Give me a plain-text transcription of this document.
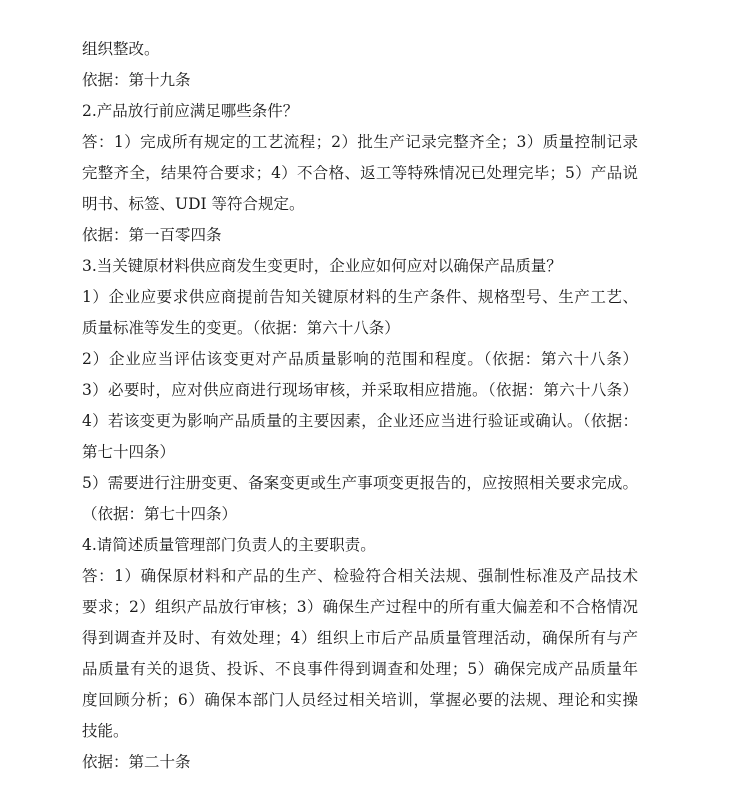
组织整改。
依据：第十九条
2.产品放行前应满足哪些条件？
答：1）完成所有规定的工艺流程；2）批生产记录完整齐全；3）质量控制记录
完整齐全，结果符合要求；4）不合格、返工等特殊情况已处理完毕；5）产品说
明书、标签、UDI 等符合规定。
依据：第一百零四条
3.当关键原材料供应商发生变更时，企业应如何应对以确保产品质量？
1）企业应要求供应商提前告知关键原材料的生产条件、规格型号、生产工艺、
质量标准等发生的变更。（依据：第六十八条）
2）企业应当评估该变更对产品质量影响的范围和程度。（依据：第六十八条）
3）必要时，应对供应商进行现场审核，并采取相应措施。（依据：第六十八条）
4）若该变更为影响产品质量的主要因素，企业还应当进行验证或确认。（依据：
第七十四条）
5）需要进行注册变更、备案变更或生产事项变更报告的，应按照相关要求完成。
（依据：第七十四条）
4.请简述质量管理部门负责人的主要职责。
答：1）确保原材料和产品的生产、检验符合相关法规、强制性标准及产品技术
要求；2）组织产品放行审核；3）确保生产过程中的所有重大偏差和不合格情况
得到调查并及时、有效处理；4）组织上市后产品质量管理活动，确保所有与产
品质量有关的退货、投诉、不良事件得到调查和处理；5）确保完成产品质量年
度回顾分析；6）确保本部门人员经过相关培训，掌握必要的法规、理论和实操
技能。
依据：第二十条
